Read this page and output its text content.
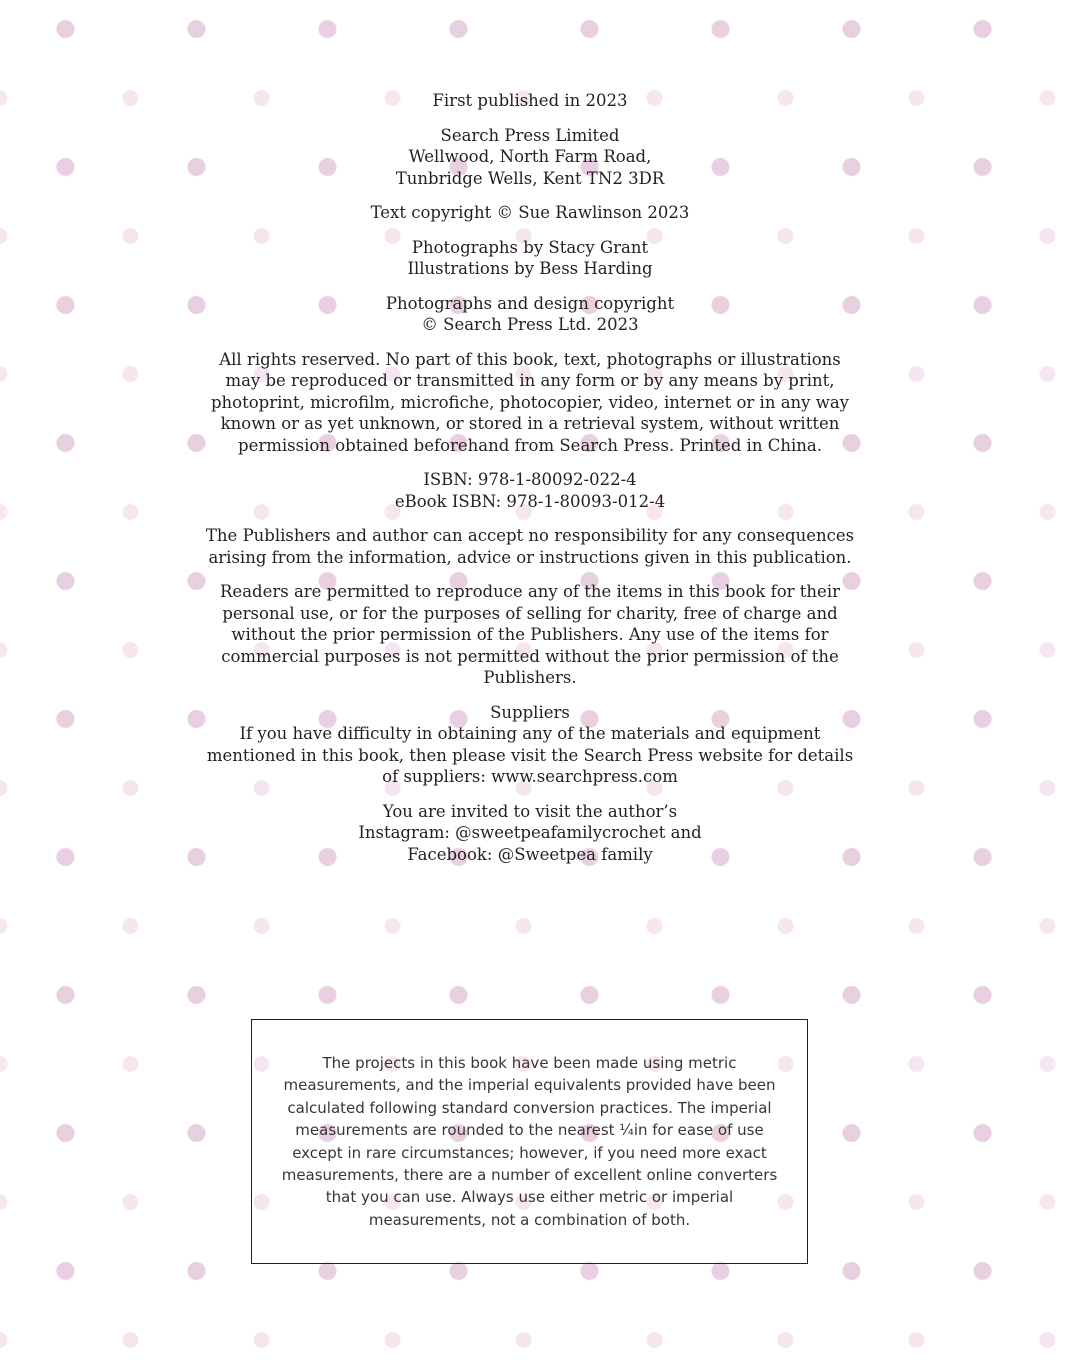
First published in 2023

Search Press Limited
Wellwood, North Farm Road,
Tunbridge Wells, Kent TN2 3DR

Text copyright © Sue Rawlinson 2023

Photographs by Stacy Grant
Illustrations by Bess Harding

Photographs and design copyright
© Search Press Ltd. 2023

All rights reserved. No part of this book, text, photographs or illustrations may be reproduced or transmitted in any form or by any means by print, photoprint, microfilm, microfiche, photocopier, video, internet or in any way known or as yet unknown, or stored in a retrieval system, without written permission obtained beforehand from Search Press. Printed in China.

ISBN: 978-1-80092-022-4
eBook ISBN: 978-1-80093-012-4

The Publishers and author can accept no responsibility for any consequences arising from the information, advice or instructions given in this publication.

Readers are permitted to reproduce any of the items in this book for their personal use, or for the purposes of selling for charity, free of charge and without the prior permission of the Publishers. Any use of the items for commercial purposes is not permitted without the prior permission of the Publishers.

Suppliers
If you have difficulty in obtaining any of the materials and equipment mentioned in this book, then please visit the Search Press website for details of suppliers: www.searchpress.com

You are invited to visit the author’s
Instagram: @sweetpeafamilycrochet and
Facebook: @Sweetpea family

The projects in this book have been made using metric measurements, and the imperial equivalents provided have been calculated following standard conversion practices. The imperial measurements are rounded to the nearest ¼in for ease of use except in rare circumstances; however, if you need more exact measurements, there are a number of excellent online converters that you can use. Always use either metric or imperial measurements, not a combination of both.
